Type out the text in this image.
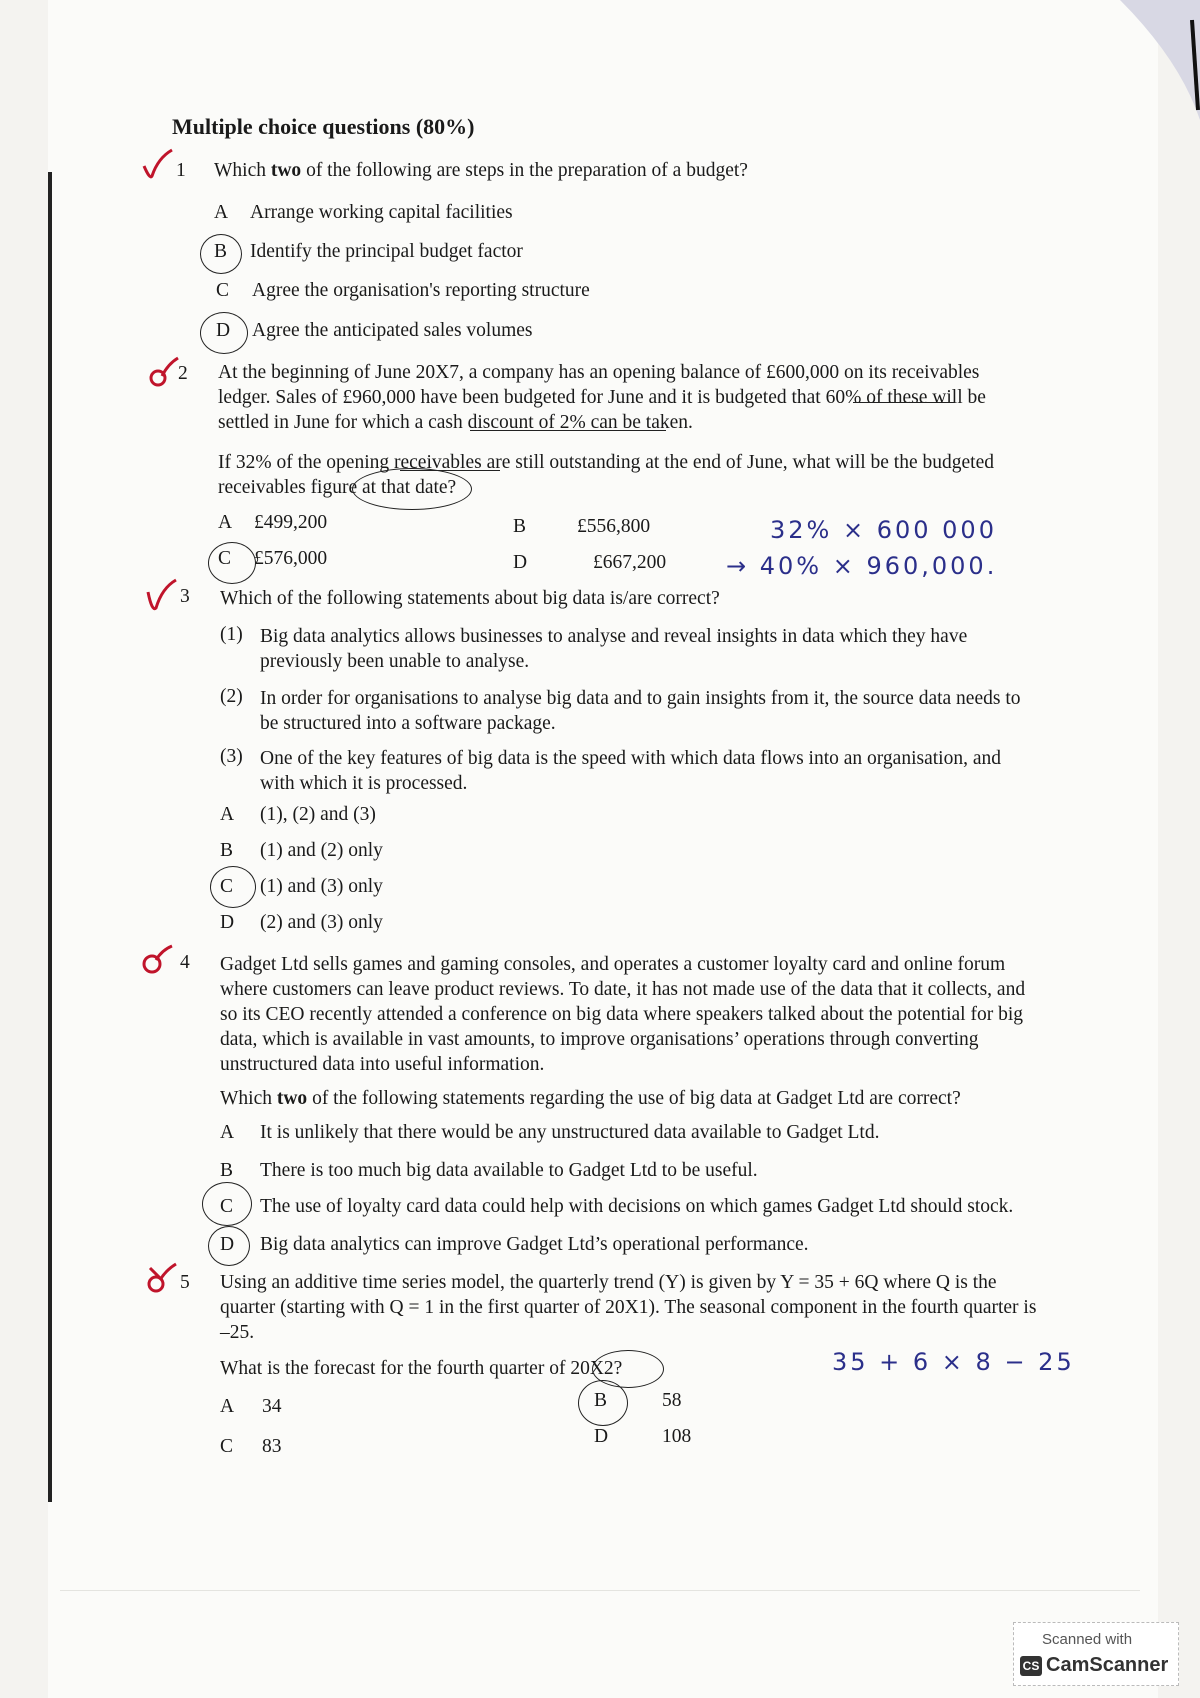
Multiple choice questions (80%)
1 Which two of the following are steps in the preparation of a budget?
A Arrange working capital facilities
B Identify the principal budget factor
C Agree the organisation's reporting structure
D Agree the anticipated sales volumes
2 At the beginning of June 20X7, a company has an opening balance of £600,000 on its receivables ledger. Sales of £960,000 have been budgeted for June and it is budgeted that 60% of these will be settled in June for which a cash discount of 2% can be taken.
If 32% of the opening receivables are still outstanding at the end of June, what will be the budgeted receivables figure at that date?
A £499,200	B	£556,800
C £576,000	D	£667,200
32% × 600 000
→ 40% × 960,000.
3 Which of the following statements about big data is/are correct?
(1) Big data analytics allows businesses to analyse and reveal insights in data which they have previously been unable to analyse.
(2) In order for organisations to analyse big data and to gain insights from it, the source data needs to be structured into a software package.
(3) One of the key features of big data is the speed with which data flows into an organisation, and with which it is processed.
A (1), (2) and (3)
B (1) and (2) only
C (1) and (3) only
D (2) and (3) only
4 Gadget Ltd sells games and gaming consoles, and operates a customer loyalty card and online forum where customers can leave product reviews. To date, it has not made use of the data that it collects, and so its CEO recently attended a conference on big data where speakers talked about the potential for big data, which is available in vast amounts, to improve organisations’ operations through converting unstructured data into useful information.
Which two of the following statements regarding the use of big data at Gadget Ltd are correct?
A It is unlikely that there would be any unstructured data available to Gadget Ltd.
B There is too much big data available to Gadget Ltd to be useful.
C The use of loyalty card data could help with decisions on which games Gadget Ltd should stock.
D Big data analytics can improve Gadget Ltd’s operational performance.
5 Using an additive time series model, the quarterly trend (Y) is given by Y = 35 + 6Q where Q is the quarter (starting with Q = 1 in the first quarter of 20X1). The seasonal component in the fourth quarter is –25.
What is the forecast for the fourth quarter of 20X2?	35 + 6 × 8 − 25
A 34	B	58
C 83	D	108
Scanned with
CS CamScanner
